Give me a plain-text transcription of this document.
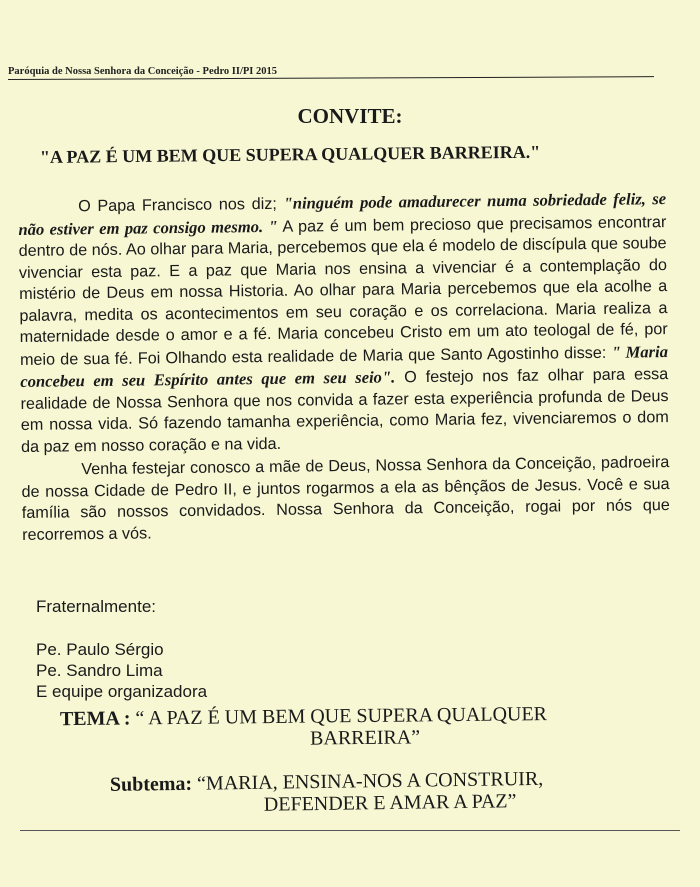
Paróquia de Nossa Senhora da Conceição - Pedro II/PI 2015
CONVITE:
"A PAZ É UM BEM QUE SUPERA QUALQUER BARREIRA."

O Papa Francisco nos diz; "ninguém pode amadurecer numa sobriedade feliz, se não estiver em paz consigo mesmo. " A paz é um bem precioso que precisamos encontrar dentro de nós. Ao olhar para Maria, percebemos que ela é modelo de discípula que soube vivenciar esta paz. E a paz que Maria nos ensina a vivenciar é a contemplação do mistério de Deus em nossa Historia. Ao olhar para Maria percebemos que ela acolhe a palavra, medita os acontecimentos em seu coração e os correlaciona. Maria realiza a maternidade desde o amor e a fé. Maria concebeu Cristo em um ato teologal de fé, por meio de sua fé. Foi Olhando esta realidade de Maria que Santo Agostinho disse: " Maria concebeu em seu Espírito antes que em seu seio". O festejo nos faz olhar para essa realidade de Nossa Senhora que nos convida a fazer esta experiência profunda de Deus em nossa vida. Só fazendo tamanha experiência, como Maria fez, vivenciaremos o dom da paz em nosso coração e na vida.

Venha festejar conosco a mãe de Deus, Nossa Senhora da Conceição, padroeira de nossa Cidade de Pedro II, e juntos rogarmos a ela as bênçãos de Jesus. Você e sua família são nossos convidados. Nossa Senhora da Conceição, rogai por nós que recorremos a vós.

Fraternalmente:
Pe. Paulo Sérgio
Pe. Sandro Lima
E equipe organizadora
TEMA : “ A PAZ É UM BEM QUE SUPERA QUALQUER
BARREIRA”
Subtema: “MARIA, ENSINA-NOS A CONSTRUIR,
DEFENDER E AMAR A PAZ”
